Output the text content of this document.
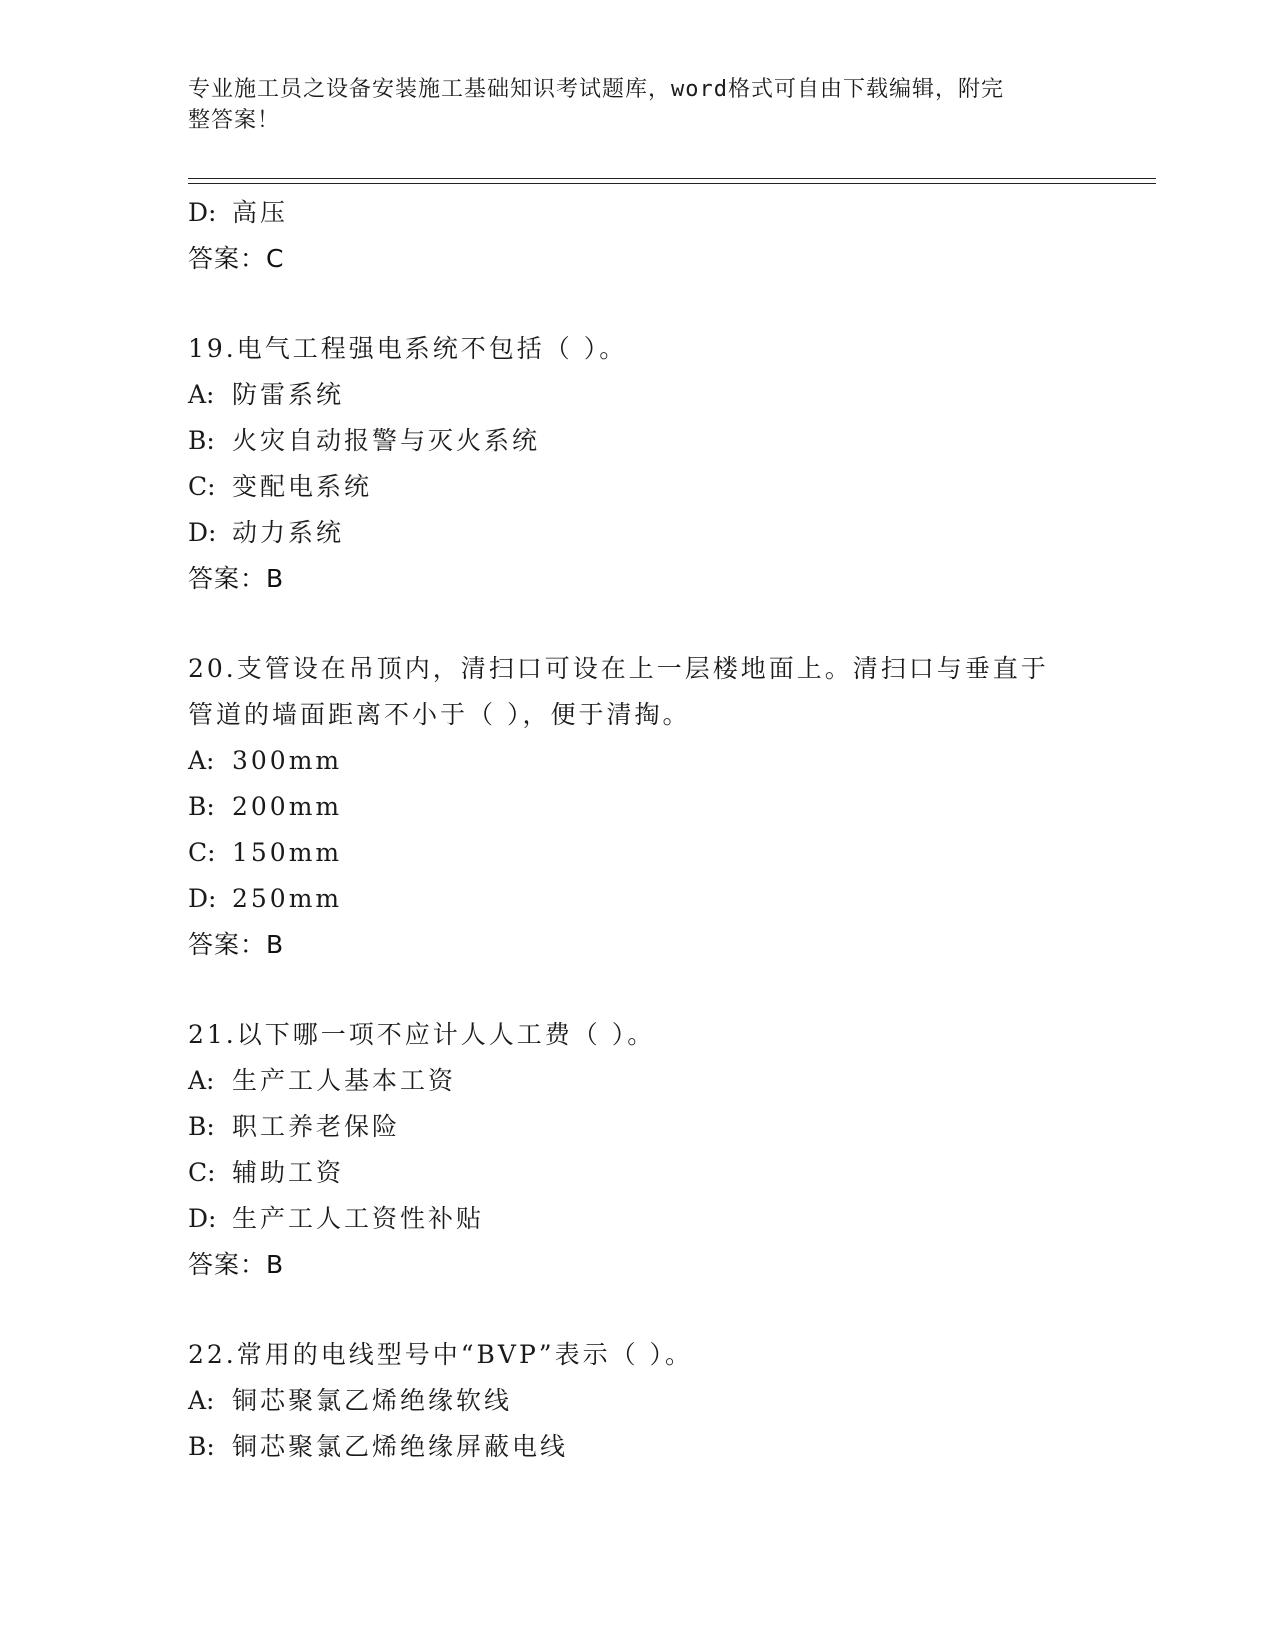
专业施工员之设备安装施工基础知识考试题库，word格式可自由下载编辑，附完
整答案！
D: 高压
答案：C
19.电气工程强电系统不包括（ ）。
A: 防雷系统
B: 火灾自动报警与灭火系统
C: 变配电系统
D: 动力系统
答案：B
20.支管设在吊顶内，清扫口可设在上一层楼地面上。清扫口与垂直于
管道的墙面距离不小于（ ），便于清掏。
A: 300mm
B: 200mm
C: 150mm
D: 250mm
答案：B
21.以下哪一项不应计人人工费（ ）。
A: 生产工人基本工资
B: 职工养老保险
C: 辅助工资
D: 生产工人工资性补贴
答案：B
22.常用的电线型号中“BVP”表示（ ）。
A: 铜芯聚氯乙烯绝缘软线
B: 铜芯聚氯乙烯绝缘屏蔽电线
